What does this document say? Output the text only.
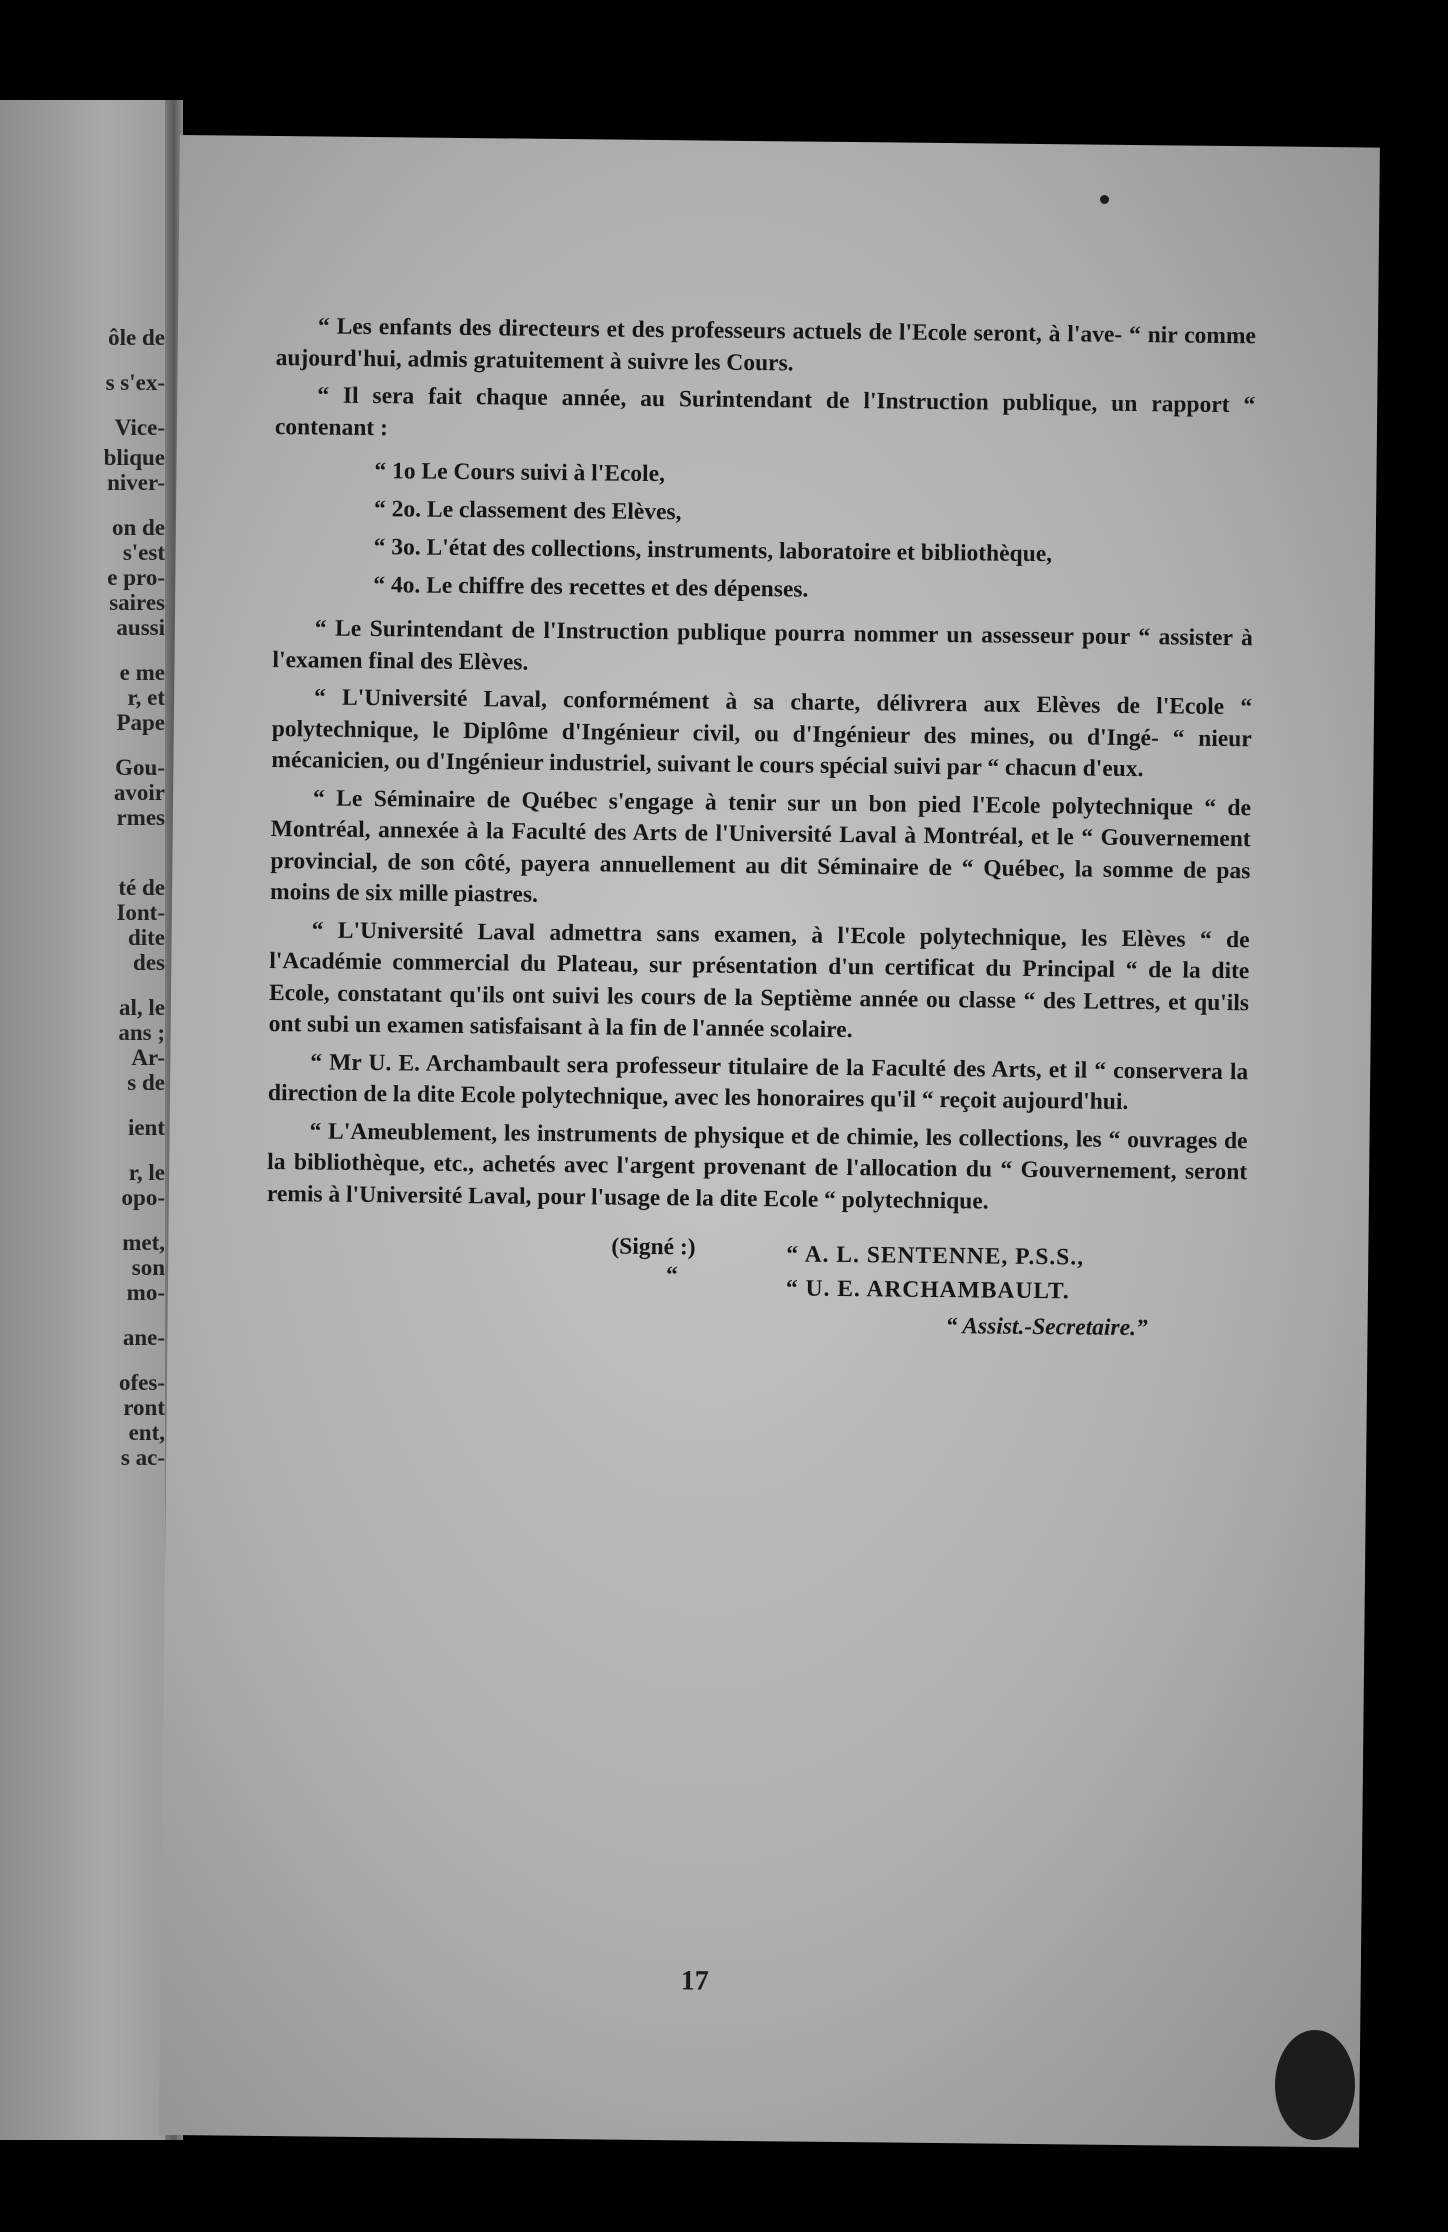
ôle de
s s'ex-
Vice-
blique
niver-
on de
s'est
e pro-
saires
aussi
e me
r, et
Pape
Gou-
avoir
rmes
té de
Iont-
dite
des
al, le
ans ;
Ar-
s de
ient
r, le
opo-
met,
son
mo-
ane-
ofes-
ront
ent,
s ac-

“ Les enfants des directeurs et des professeurs actuels de l'Ecole seront, à l'ave- “ nir comme aujourd'hui, admis gratuitement à suivre les Cours.

“ Il sera fait chaque année, au Surintendant de l'Instruction publique, un rapport “ contenant :

“ 1o Le Cours suivi à l'Ecole,
“ 2o. Le classement des Elèves,
“ 3o. L'état des collections, instruments, laboratoire et bibliothèque,
“ 4o. Le chiffre des recettes et des dépenses.

“ Le Surintendant de l'Instruction publique pourra nommer un assesseur pour “ assister à l'examen final des Elèves.

“ L'Université Laval, conformément à sa charte, délivrera aux Elèves de l'Ecole “ polytechnique, le Diplôme d'Ingénieur civil, ou d'Ingénieur des mines, ou d'Ingé- “ nieur mécanicien, ou d'Ingénieur industriel, suivant le cours spécial suivi par “ chacun d'eux.

“ Le Séminaire de Québec s'engage à tenir sur un bon pied l'Ecole polytechnique “ de Montréal, annexée à la Faculté des Arts de l'Université Laval à Montréal, et le “ Gouvernement provincial, de son côté, payera annuellement au dit Séminaire de “ Québec, la somme de pas moins de six mille piastres.

“ L'Université Laval admettra sans examen, à l'Ecole polytechnique, les Elèves “ de l'Académie commercial du Plateau, sur présentation d'un certificat du Principal “ de la dite Ecole, constatant qu'ils ont suivi les cours de la Septième année ou classe “ des Lettres, et qu'ils ont subi un examen satisfaisant à la fin de l'année scolaire.

“ Mr U. E. Archambault sera professeur titulaire de la Faculté des Arts, et il “ conservera la direction de la dite Ecole polytechnique, avec les honoraires qu'il “ reçoit aujourd'hui.

“ L'Ameublement, les instruments de physique et de chimie, les collections, les “ ouvrages de la bibliothèque, etc., achetés avec l'argent provenant de l'allocation du “ Gouvernement, seront remis à l'Université Laval, pour l'usage de la dite Ecole “ polytechnique.

(Signé :)
“
“ A. L. SENTENNE, P.S.S.,
“ U. E. ARCHAMBAULT.
“ Assist.-Secretaire.”
17
